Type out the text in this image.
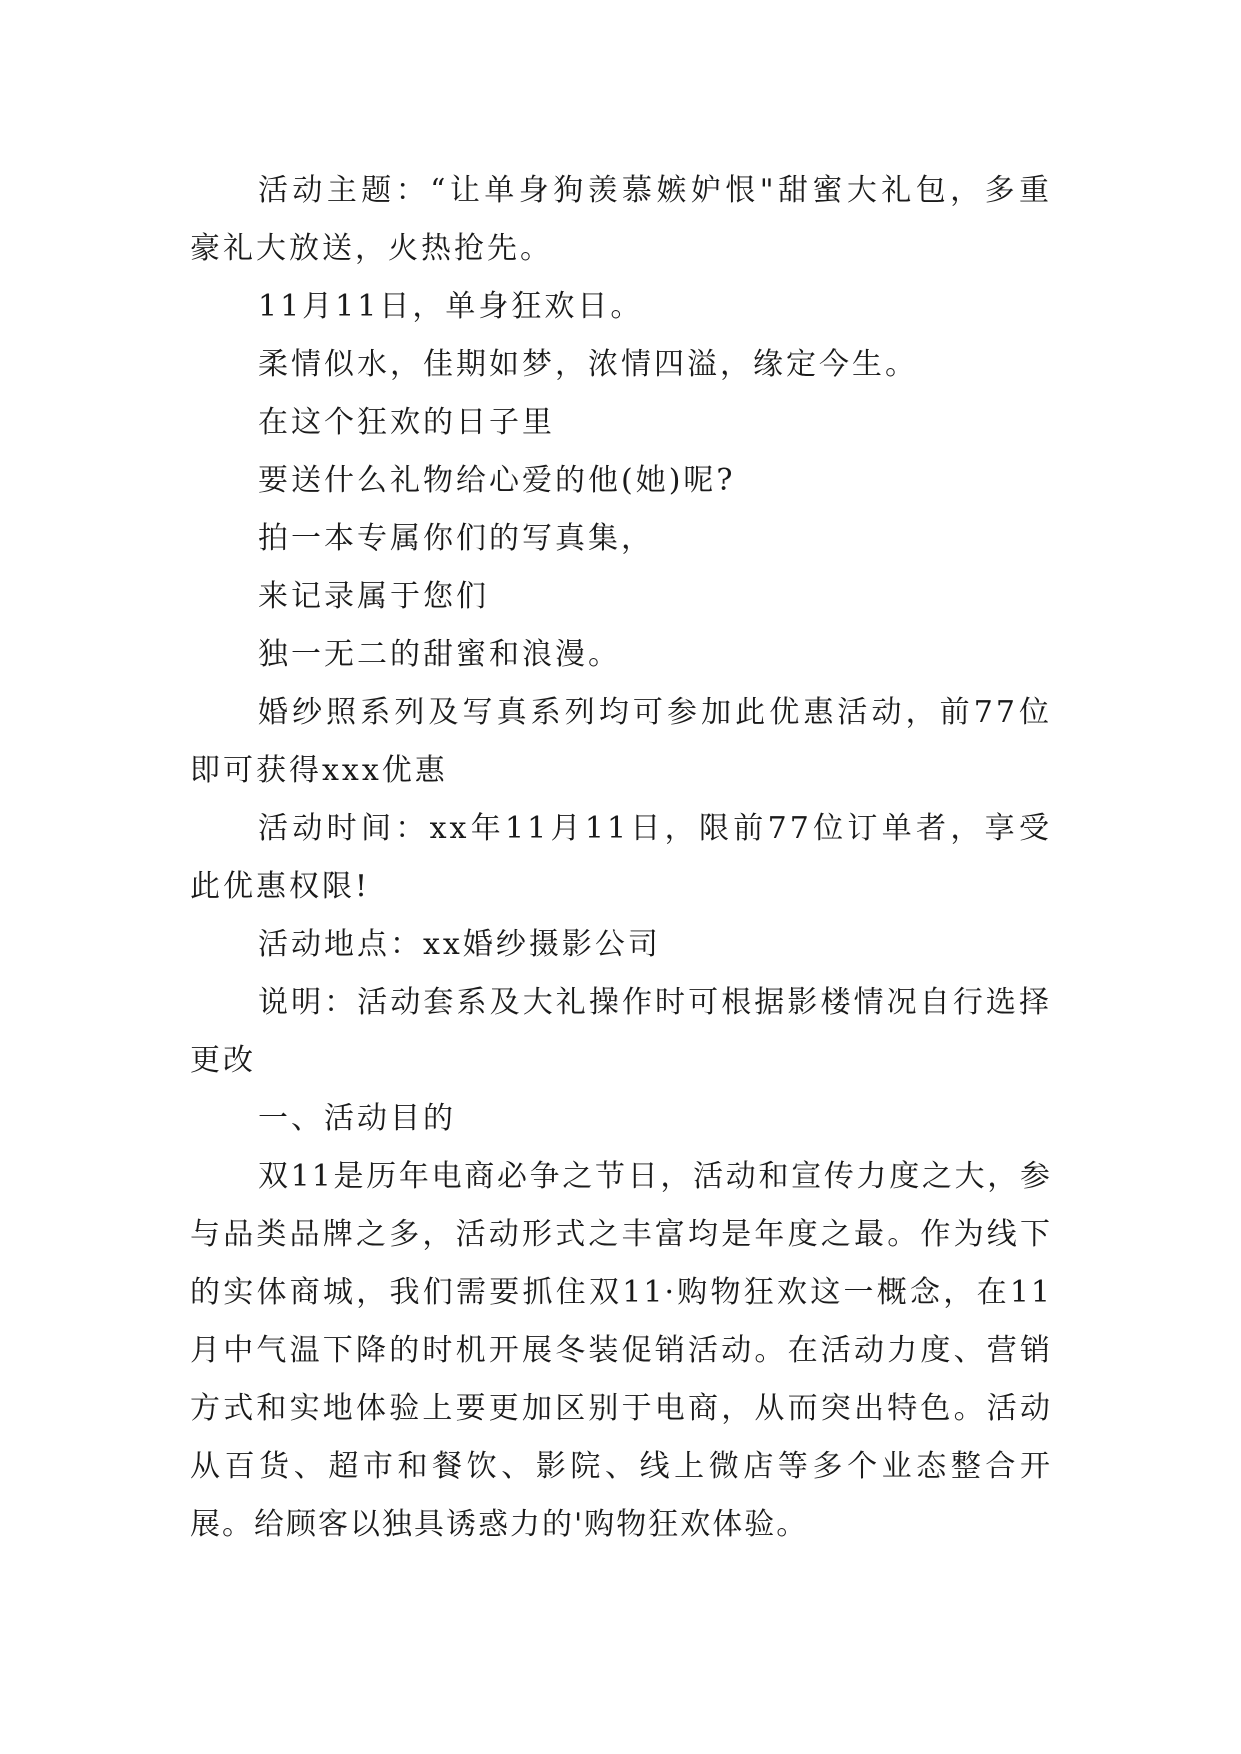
活动主题：“让单身狗羡慕嫉妒恨"甜蜜大礼包，多重豪礼大放送，火热抢先。

11月11日，单身狂欢日。

柔情似水，佳期如梦，浓情四溢，缘定今生。

在这个狂欢的日子里

要送什么礼物给心爱的他(她)呢?

拍一本专属你们的写真集，

来记录属于您们

独一无二的甜蜜和浪漫。

婚纱照系列及写真系列均可参加此优惠活动，前77位即可获得xxx优惠

活动时间：xx年11月11日，限前77位订单者，享受此优惠权限!

活动地点：xx婚纱摄影公司

说明：活动套系及大礼操作时可根据影楼情况自行选择更改

一、活动目的

双11是历年电商必争之节日，活动和宣传力度之大，参与品类品牌之多，活动形式之丰富均是年度之最。作为线下的实体商城，我们需要抓住双11·购物狂欢这一概念，在11月中气温下降的时机开展冬装促销活动。在活动力度、营销方式和实地体验上要更加区别于电商，从而突出特色。活动从百货、超市和餐饮、影院、线上微店等多个业态整合开展。给顾客以独具诱惑力的'购物狂欢体验。
